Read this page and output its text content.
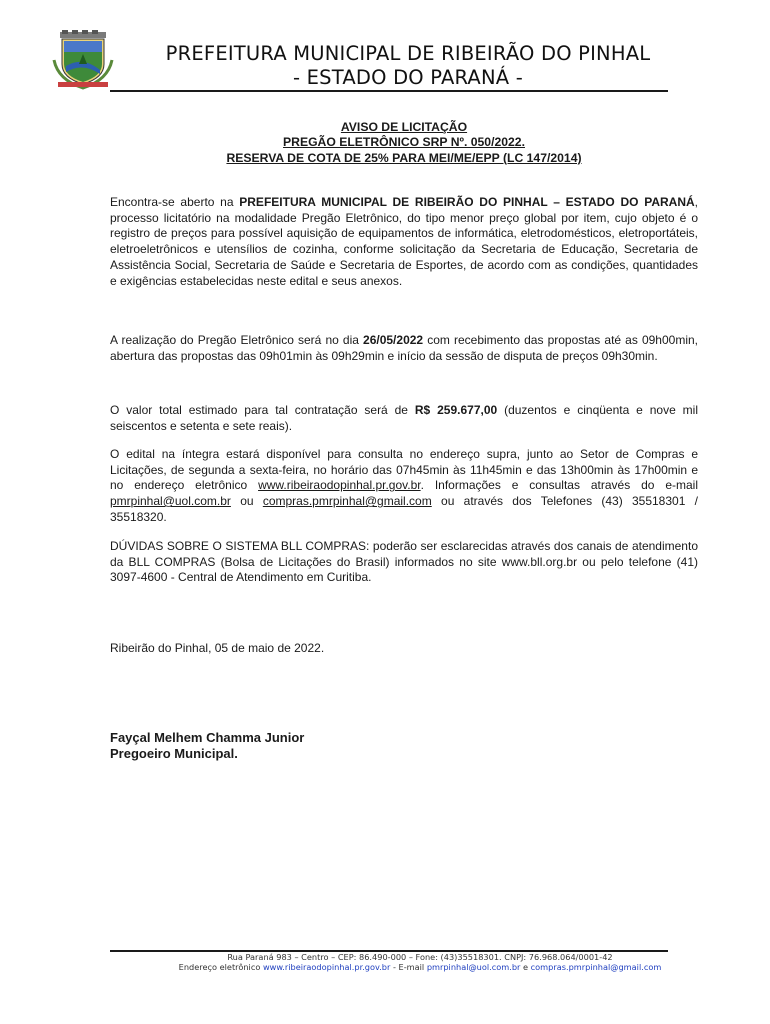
PREFEITURA MUNICIPAL DE RIBEIRÃO DO PINHAL
- ESTADO DO PARANÁ -
AVISO DE LICITAÇÃO
PREGÃO ELETRÔNICO SRP Nº. 050/2022.
RESERVA DE COTA DE 25% PARA MEI/ME/EPP (LC 147/2014)

Encontra-se aberto na PREFEITURA MUNICIPAL DE RIBEIRÃO DO PINHAL – ESTADO DO PARANÁ, processo licitatório na modalidade Pregão Eletrônico, do tipo menor preço global por item, cujo objeto é o registro de preços para possível aquisição de equipamentos de informática, eletrodomésticos, eletroportáteis, eletroeletrônicos e utensílios de cozinha, conforme solicitação da Secretaria de Educação, Secretaria de Assistência Social, Secretaria de Saúde e Secretaria de Esportes, de acordo com as condições, quantidades e exigências estabelecidas neste edital e seus anexos.

A realização do Pregão Eletrônico será no dia 26/05/2022 com recebimento das propostas até as 09h00min, abertura das propostas das 09h01min às 09h29min e início da sessão de disputa de preços 09h30min.

O valor total estimado para tal contratação será de R$ 259.677,00 (duzentos e cinqüenta e nove mil seiscentos e setenta e sete reais).

O edital na íntegra estará disponível para consulta no endereço supra, junto ao Setor de Compras e Licitações, de segunda a sexta-feira, no horário das 07h45min às 11h45min e das 13h00min às 17h00min e no endereço eletrônico www.ribeiraodopinhal.pr.gov.br. Informações e consultas através do e-mail pmrpinhal@uol.com.br ou compras.pmrpinhal@gmail.com ou através dos Telefones (43) 35518301 / 35518320.

DÚVIDAS SOBRE O SISTEMA BLL COMPRAS: poderão ser esclarecidas através dos canais de atendimento da BLL COMPRAS (Bolsa de Licitações do Brasil) informados no site www.bll.org.br ou pelo telefone (41) 3097-4600 - Central de Atendimento em Curitiba.

Ribeirão do Pinhal, 05 de maio de 2022.

Fayçal Melhem Chamma Junior
Pregoeiro Municipal.
Rua Paraná 983 – Centro – CEP: 86.490-000 – Fone: (43)35518301. CNPJ: 76.968.064/0001-42
Endereço eletrônico www.ribeiraodopinhal.pr.gov.br - E-mail pmrpinhal@uol.com.br e compras.pmrpinhal@gmail.com
